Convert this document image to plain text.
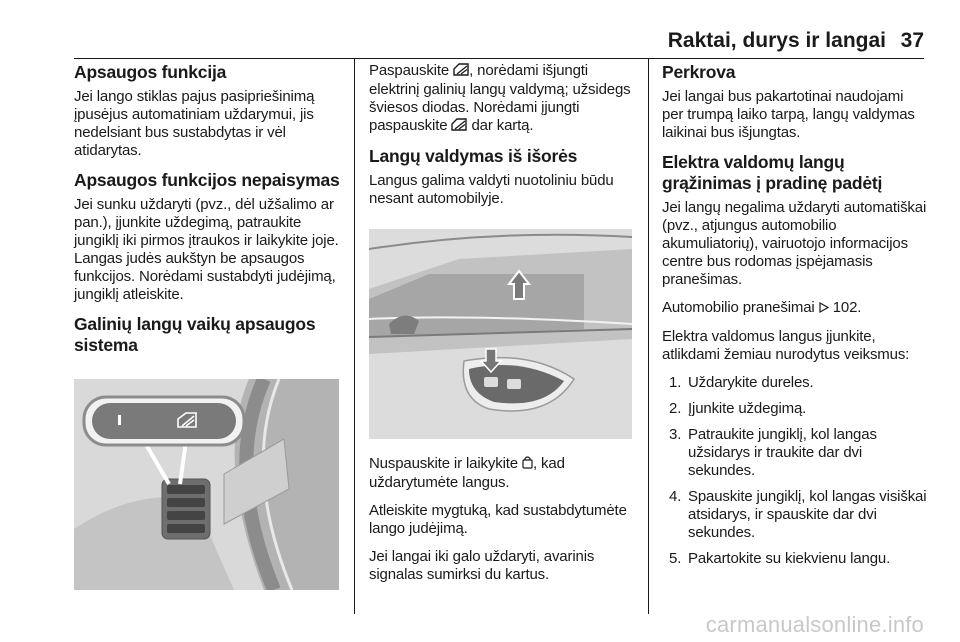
Raktai, durys ir langai 37
Apsaugos funkcija

Jei lango stiklas pajus pasipriešinimą įpusėjus automatiniam uždarymui, jis nedelsiant bus sustabdytas ir vėl atidarytas.

Apsaugos funkcijos nepaisymas

Jei sunku uždaryti (pvz., dėl užšalimo ar pan.), įjunkite uždegimą, patraukite jungiklį iki pirmos įtraukos ir laikykite joje. Langas judės aukštyn be apsaugos funkcijos. Norėdami sustabdyti judėjimą, jungiklį atleiskite.

Galinių langų vaikų apsaugos sistema

Paspauskite , norėdami išjungti elektrinį galinių langų valdymą; užsidegs šviesos diodas. Norėdami įjungti paspauskite dar kartą.

Langų valdymas iš išorės

Langus galima valdyti nuotoliniu būdu nesant automobilyje.

Nuspauskite ir laikykite , kad uždarytumėte langus.

Atleiskite mygtuką, kad sustabdytumėte lango judėjimą.

Jei langai iki galo uždaryti, avarinis signalas sumirksi du kartus.

Perkrova

Jei langai bus pakartotinai naudojami per trumpą laiko tarpą, langų valdymas laikinai bus išjungtas.

Elektra valdomų langų grąžinimas į pradinę padėtį

Jei langų negalima uždaryti automatiškai (pvz., atjungus automobilio akumuliatorių), vairuotojo informacijos centre bus rodomas įspėjamasis pranešimas.

Automobilio pranešimai 102.

Elektra valdomus langus įjunkite, atlikdami žemiau nurodytus veiksmus:

1. Uždarykite dureles.
2. Įjunkite uždegimą.
3. Patraukite jungiklį, kol langas užsidarys ir traukite dar dvi sekundes.
4. Spauskite jungiklį, kol langas visiškai atsidarys, ir spauskite dar dvi sekundes.
5. Pakartokite su kiekvienu langu.
carmanualsonline.info
